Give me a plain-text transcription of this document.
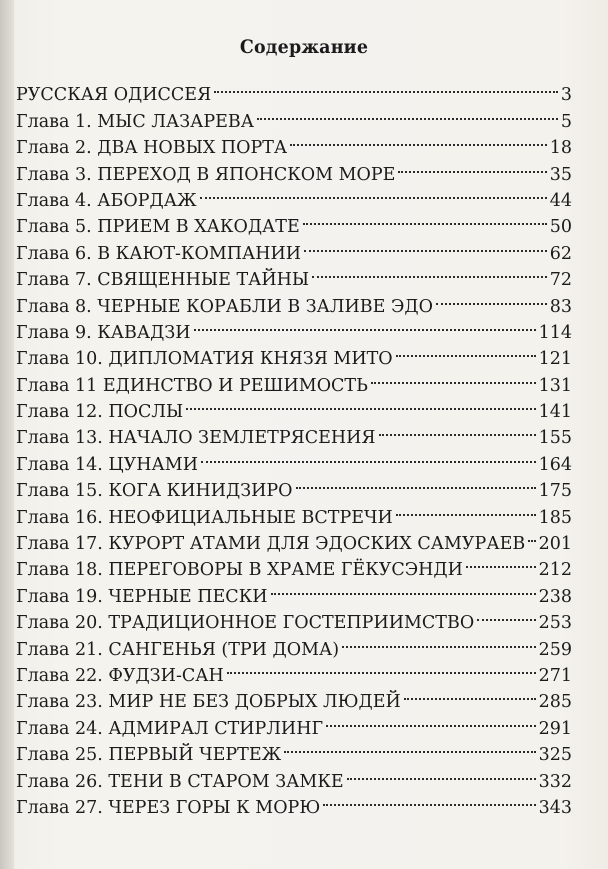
Содержание
РУССКАЯ ОДИССЕЯ	3
Глава 1. МЫС ЛАЗАРЕВА	5
Глава 2. ДВА НОВЫХ ПОРТА	18
Глава 3. ПЕРЕХОД В ЯПОНСКОМ МОРЕ	35
Глава 4. АБОРДАЖ	44
Глава 5. ПРИЕМ В ХАКОДАТЕ	50
Глава 6. В КАЮТ-КОМПАНИИ	62
Глава 7. СВЯЩЕННЫЕ ТАЙНЫ	72
Глава 8. ЧЕРНЫЕ КОРАБЛИ В ЗАЛИВЕ ЭДО	83
Глава 9. КАВАДЗИ	114
Глава 10. ДИПЛОМАТИЯ КНЯЗЯ МИТО	121
Глава 11 ЕДИНСТВО И РЕШИМОСТЬ	131
Глава 12. ПОСЛЫ	141
Глава 13. НАЧАЛО ЗЕМЛЕТРЯСЕНИЯ	155
Глава 14. ЦУНАМИ	164
Глава 15. КОГА КИНИДЗИРО	175
Глава 16. НЕОФИЦИАЛЬНЫЕ ВСТРЕЧИ	185
Глава 17. КУРОРТ АТАМИ ДЛЯ ЭДОСКИХ САМУРАЕВ 201
Глава 18. ПЕРЕГОВОРЫ В ХРАМЕ ГЁКУСЭНДИ	212
Глава 19. ЧЕРНЫЕ ПЕСКИ	238
Глава 20. ТРАДИЦИОННОЕ ГОСТЕПРИИМСТВО	253
Глава 21. САНГЕНЬЯ (ТРИ ДОМА)	259
Глава 22. ФУДЗИ-САН	271
Глава 23. МИР НЕ БЕЗ ДОБРЫХ ЛЮДЕЙ	285
Глава 24. АДМИРАЛ СТИРЛИНГ	291
Глава 25. ПЕРВЫЙ ЧЕРТЕЖ	325
Глава 26. ТЕНИ В СТАРОМ ЗАМКЕ	332
Глава 27. ЧЕРЕЗ ГОРЫ К МОРЮ	343
